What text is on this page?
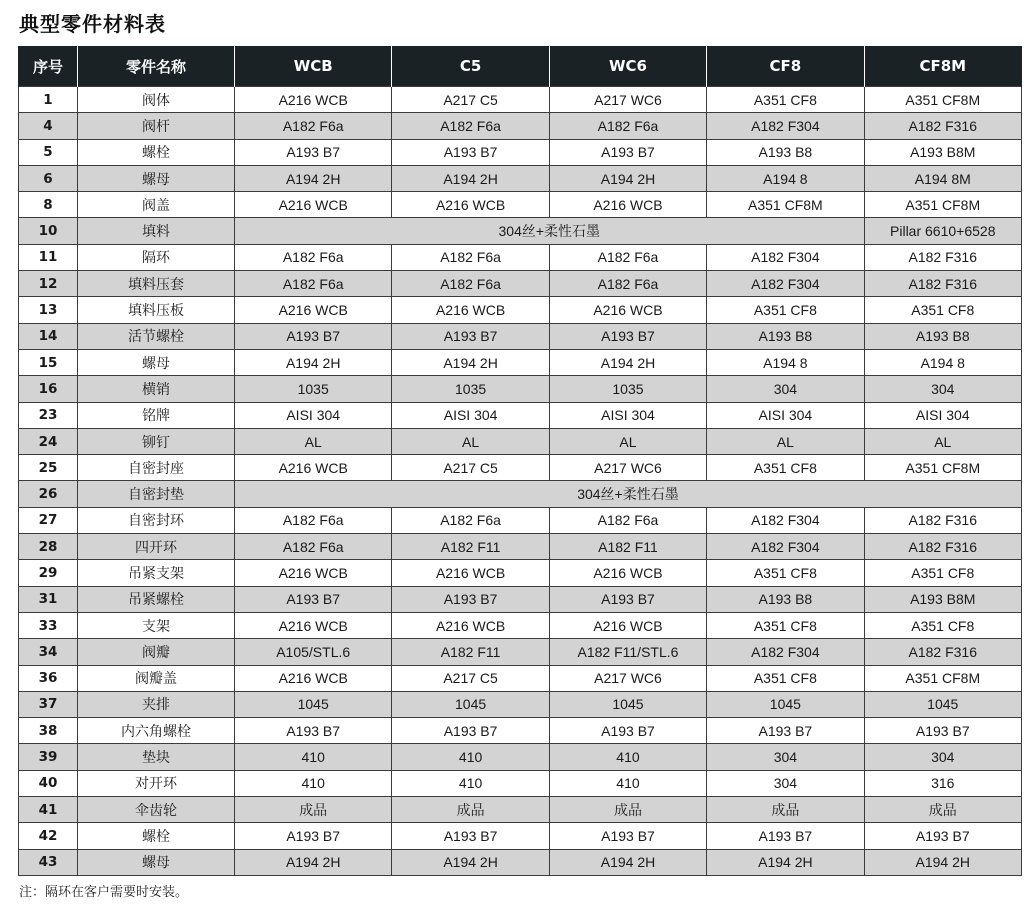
典型零件材料表
序号	零件名称	WCB	C5	WC6	CF8	CF8M
1	阀体	A216 WCB	A217 C5	A217 WC6	A351 CF8	A351 CF8M
4	阀杆	A182 F6a	A182 F6a	A182 F6a	A182 F304	A182 F316
5	螺栓	A193 B7	A193 B7	A193 B7	A193 B8	A193 B8M
6	螺母	A194 2H	A194 2H	A194 2H	A194 8	A194 8M
8	阀盖	A216 WCB	A216 WCB	A216 WCB	A351 CF8M	A351 CF8M
10	填料	304丝+柔性石墨				Pillar 6610+6528
11	隔环	A182 F6a	A182 F6a	A182 F6a	A182 F304	A182 F316
12	填料压套	A182 F6a	A182 F6a	A182 F6a	A182 F304	A182 F316
13	填料压板	A216 WCB	A216 WCB	A216 WCB	A351 CF8	A351 CF8
14	活节螺栓	A193 B7	A193 B7	A193 B7	A193 B8	A193 B8
15	螺母	A194 2H	A194 2H	A194 2H	A194 8	A194 8
16	横销	1035	1035	1035	304	304
23	铭牌	AISI 304	AISI 304	AISI 304	AISI 304	AISI 304
24	铆钉	AL	AL	AL	AL	AL
25	自密封座	A216 WCB	A217 C5	A217 WC6	A351 CF8	A351 CF8M
26	自密封垫	304丝+柔性石墨				
27	自密封环	A182 F6a	A182 F6a	A182 F6a	A182 F304	A182 F316
28	四开环	A182 F6a	A182 F11	A182 F11	A182 F304	A182 F316
29	吊紧支架	A216 WCB	A216 WCB	A216 WCB	A351 CF8	A351 CF8
31	吊紧螺栓	A193 B7	A193 B7	A193 B7	A193 B8	A193 B8M
33	支架	A216 WCB	A216 WCB	A216 WCB	A351 CF8	A351 CF8
34	阀瓣	A105/STL.6	A182 F11	A182 F11/STL.6	A182 F304	A182 F316
36	阀瓣盖	A216 WCB	A217 C5	A217 WC6	A351 CF8	A351 CF8M
37	夹排	1045	1045	1045	1045	1045
38	内六角螺栓	A193 B7	A193 B7	A193 B7	A193 B7	A193 B7
39	垫块	410	410	410	304	304
40	对开环	410	410	410	304	316
41	伞齿轮	成品	成品	成品	成品	成品
42	螺栓	A193 B7	A193 B7	A193 B7	A193 B7	A193 B7
43	螺母	A194 2H	A194 2H	A194 2H	A194 2H	A194 2H
注：隔环在客户需要时安装。
